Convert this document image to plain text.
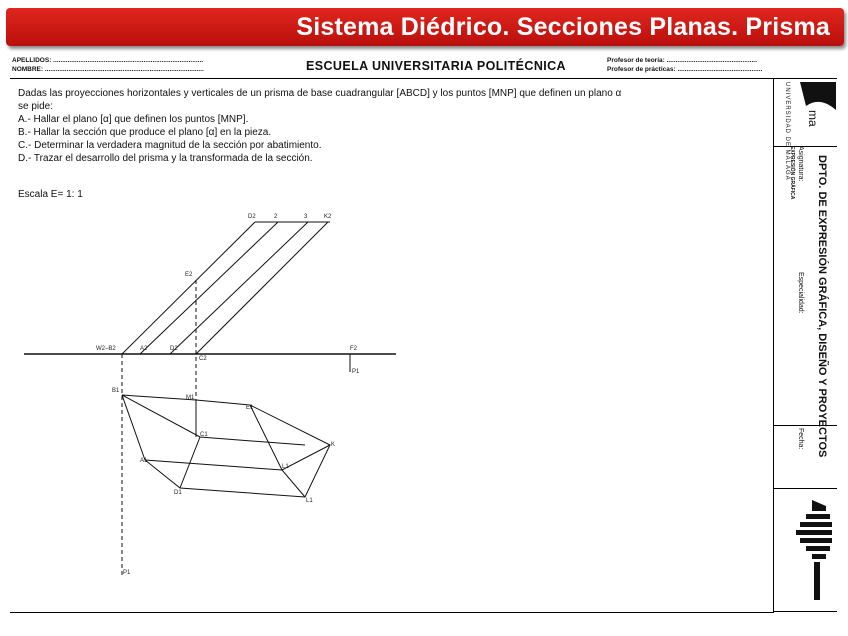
Sistema Diédrico. Secciones Planas. Prisma
APELLIDOS: ...................................................................................
NOMBRE: ........................................................................................	ESCUELA UNIVERSITARIA POLITÉCNICA	Profesor de teoría: ..................................................
Profesor de prácticas: ...............................................
Dadas las proyecciones horizontales y verticales de un prisma de base cuadrangular [ABCD] y los puntos [MNP] que definen un plano α
se pide:
A.- Hallar el plano [α] que definen los puntos [MNP].
B.- Hallar la sección que produce el plano [α] en la pieza.
C.- Determinar la verdadera magnitud de la sección por abatimiento.
D.- Trazar el desarrollo del prisma y la transformada de la sección.
Escala E= 1: 1
D2	2	3	K2
E2
W2–B2	A2	D2
C2
F2
P1
B1
M1
E1
C1
K
A1
L1
D1
L1
P1
UNIVERSIDAD DE MÁLAGA ma
DPTO. DE EXPRESIÓN GRÁFICA, DISEÑO Y PROYECTOS
Asignatura:
EXPRESIÓN GRÁFICA
Especialidad:
Fecha:
